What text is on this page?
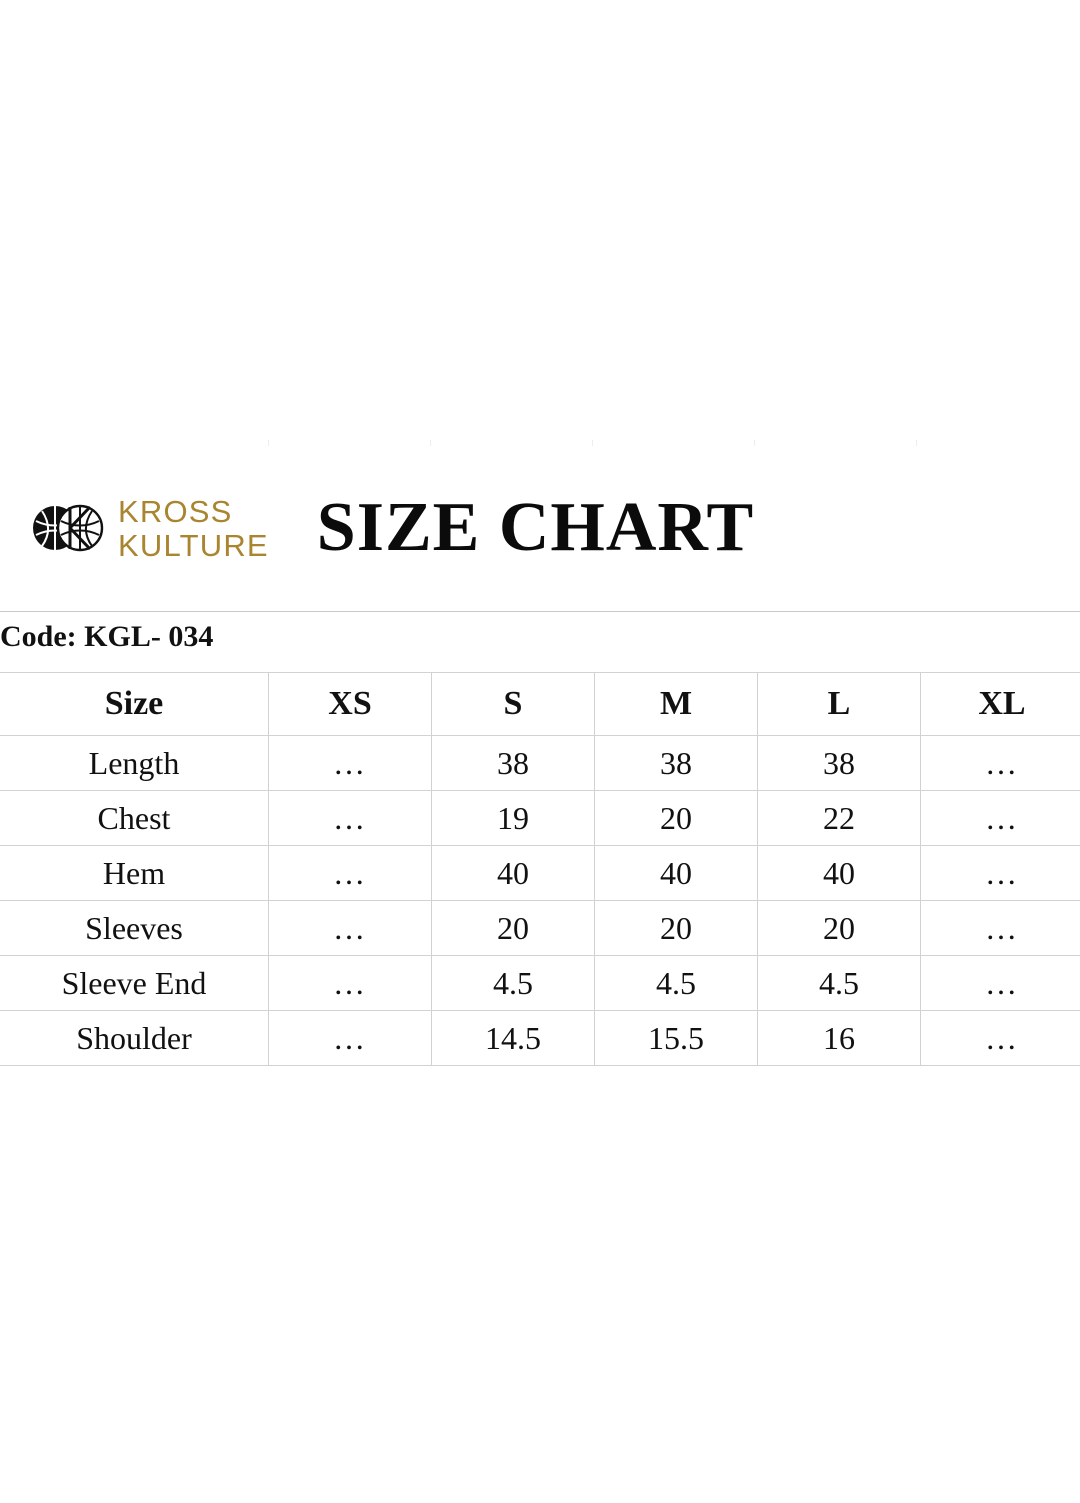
KROSS
KULTURE SIZE CHART
Code: KGL- 034
Size	XS	S	M	L	XL
Length	…	38	38	38	…
Chest	…	19	20	22	…
Hem	…	40	40	40	…
Sleeves	…	20	20	20	…
Sleeve End	…	4.5	4.5	4.5	…
Shoulder	…	14.5	15.5	16	…
